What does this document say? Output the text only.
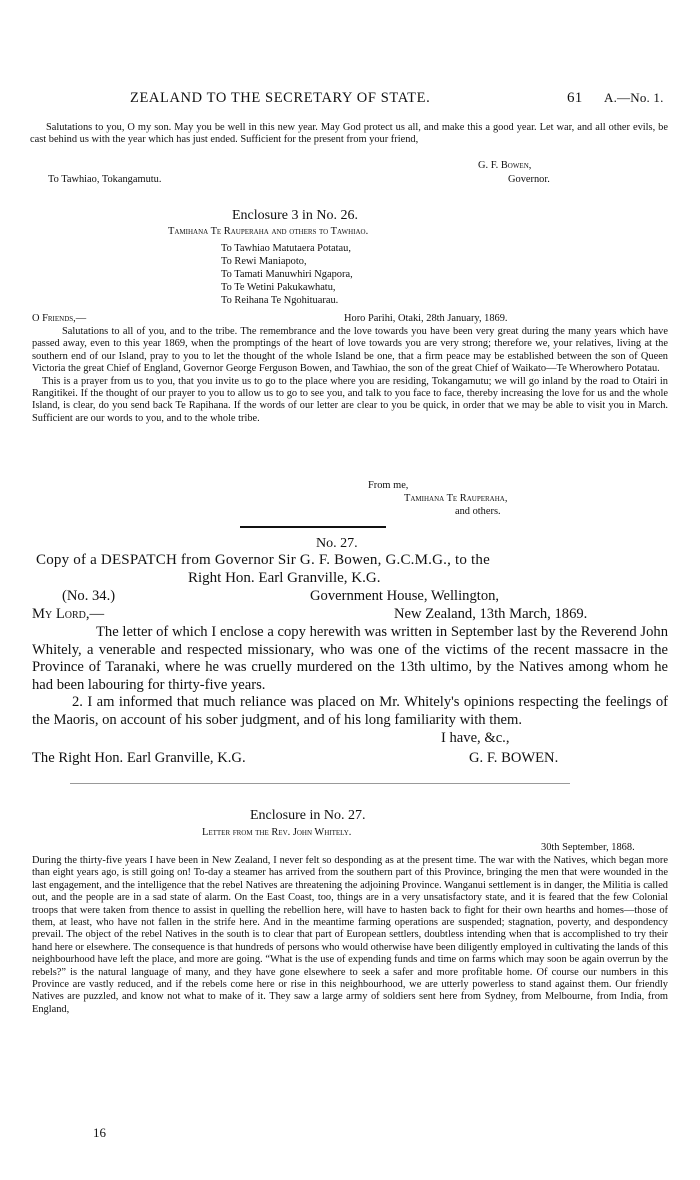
ZEALAND TO THE SECRETARY OF STATE.	61 A.—No. 1.

Salutations to you, O my son. May you be well in this new year. May God protect us all, and make this a good year. Let war, and all other evils, be cast behind us with the year which has just ended. Sufficient for the present from your friend,

G. F. Bowen,
To Tawhiao, Tokangamutu.	Governor.
Enclosure 3 in No. 26.
Tamihana Te Rauperaha and others to Tawhiao.
To Tawhiao Matutaera Potatau,
To Rewi Maniapoto,
To Tamati Manuwhiri Ngapora,
To Te Wetini Pakukawhatu,
To Reihana Te Ngohituarau.
O Friends,—	Horo Parihi, Otaki, 28th January, 1869.

Salutations to all of you, and to the tribe. The remembrance and the love towards you have been very great during the many years which have passed away, even to this year 1869, when the promptings of the heart of love towards you are very strong; therefore we, your relatives, living at the southern end of our Island, pray to you to let the thought of the whole Island be one, that a firm peace may be established between the son of Queen Victoria the great Chief of England, Governor George Ferguson Bowen, and Tawhiao, the son of the great Chief of Waikato—Te Wherowhero Potatau.

This is a prayer from us to you, that you invite us to go to the place where you are residing, Tokangamutu; we will go inland by the road to Otairi in Rangitikei. If the thought of our prayer to you to allow us to go to see you, and talk to you face to face, thereby increasing the love for us and the whole Island, is clear, do you send back Te Rapihana. If the words of our letter are clear to you be quick, in order that we may be able to visit you in March. Sufficient are our words to you, and to the whole tribe.

From me,
Tamihana Te Rauperaha,
and others.
No. 27.
Copy of a DESPATCH from Governor Sir G. F. Bowen, G.C.M.G., to the
Right Hon. Earl Granville, K.G.
(No. 34.)	Government House, Wellington,
My Lord,—	New Zealand, 13th March, 1869.

The letter of which I enclose a copy herewith was written in September last by the Reverend John Whitely, a venerable and respected missionary, who was one of the victims of the recent massacre in the Province of Taranaki, where he was cruelly murdered on the 13th ultimo, by the Natives among whom he had been labouring for thirty-five years.

2. I am informed that much reliance was placed on Mr. Whitely's opinions respecting the feelings of the Maoris, on account of his sober judgment, and of his long familiarity with them.

I have, &c.,
The Right Hon. Earl Granville, K.G.	G. F. BOWEN.
Enclosure in No. 27.
Letter from the Rev. John Whitely.
30th September, 1868.

During the thirty-five years I have been in New Zealand, I never felt so desponding as at the present time. The war with the Natives, which began more than eight years ago, is still going on! To-day a steamer has arrived from the southern part of this Province, bringing the men that were wounded in the last engagement, and the intelligence that the rebel Natives are threatening the adjoining Province. Wanganui settlement is in danger, the Militia is called out, and the people are in a sad state of alarm. On the East Coast, too, things are in a very unsatisfactory state, and it is feared that the few Colonial troops that were taken from thence to assist in quelling the rebellion here, will have to hasten back to fight for their own hearths and homes—those of them, at least, who have not fallen in the strife here. And in the meantime farming operations are suspended; stagnation, poverty, and despondency prevail. The object of the rebel Natives in the south is to clear that part of European settlers, doubtless intending when that is accomplished to try their hand here or elsewhere. The consequence is that hundreds of persons who would otherwise have been diligently employed in cultivating the lands of this neighbourhood have left the place, and more are going. “What is the use of expending funds and time on farms which may soon be again overrun by the rebels?” is the natural language of many, and they have gone elsewhere to seek a safer and more profitable home. Of course our numbers in this Province are vastly reduced, and if the rebels come here or rise in this neighbourhood, we are utterly powerless to stand against them. Our friendly Natives are puzzled, and know not what to make of it. They saw a large army of soldiers sent here from Sydney, from Melbourne, from India, from England,

16
